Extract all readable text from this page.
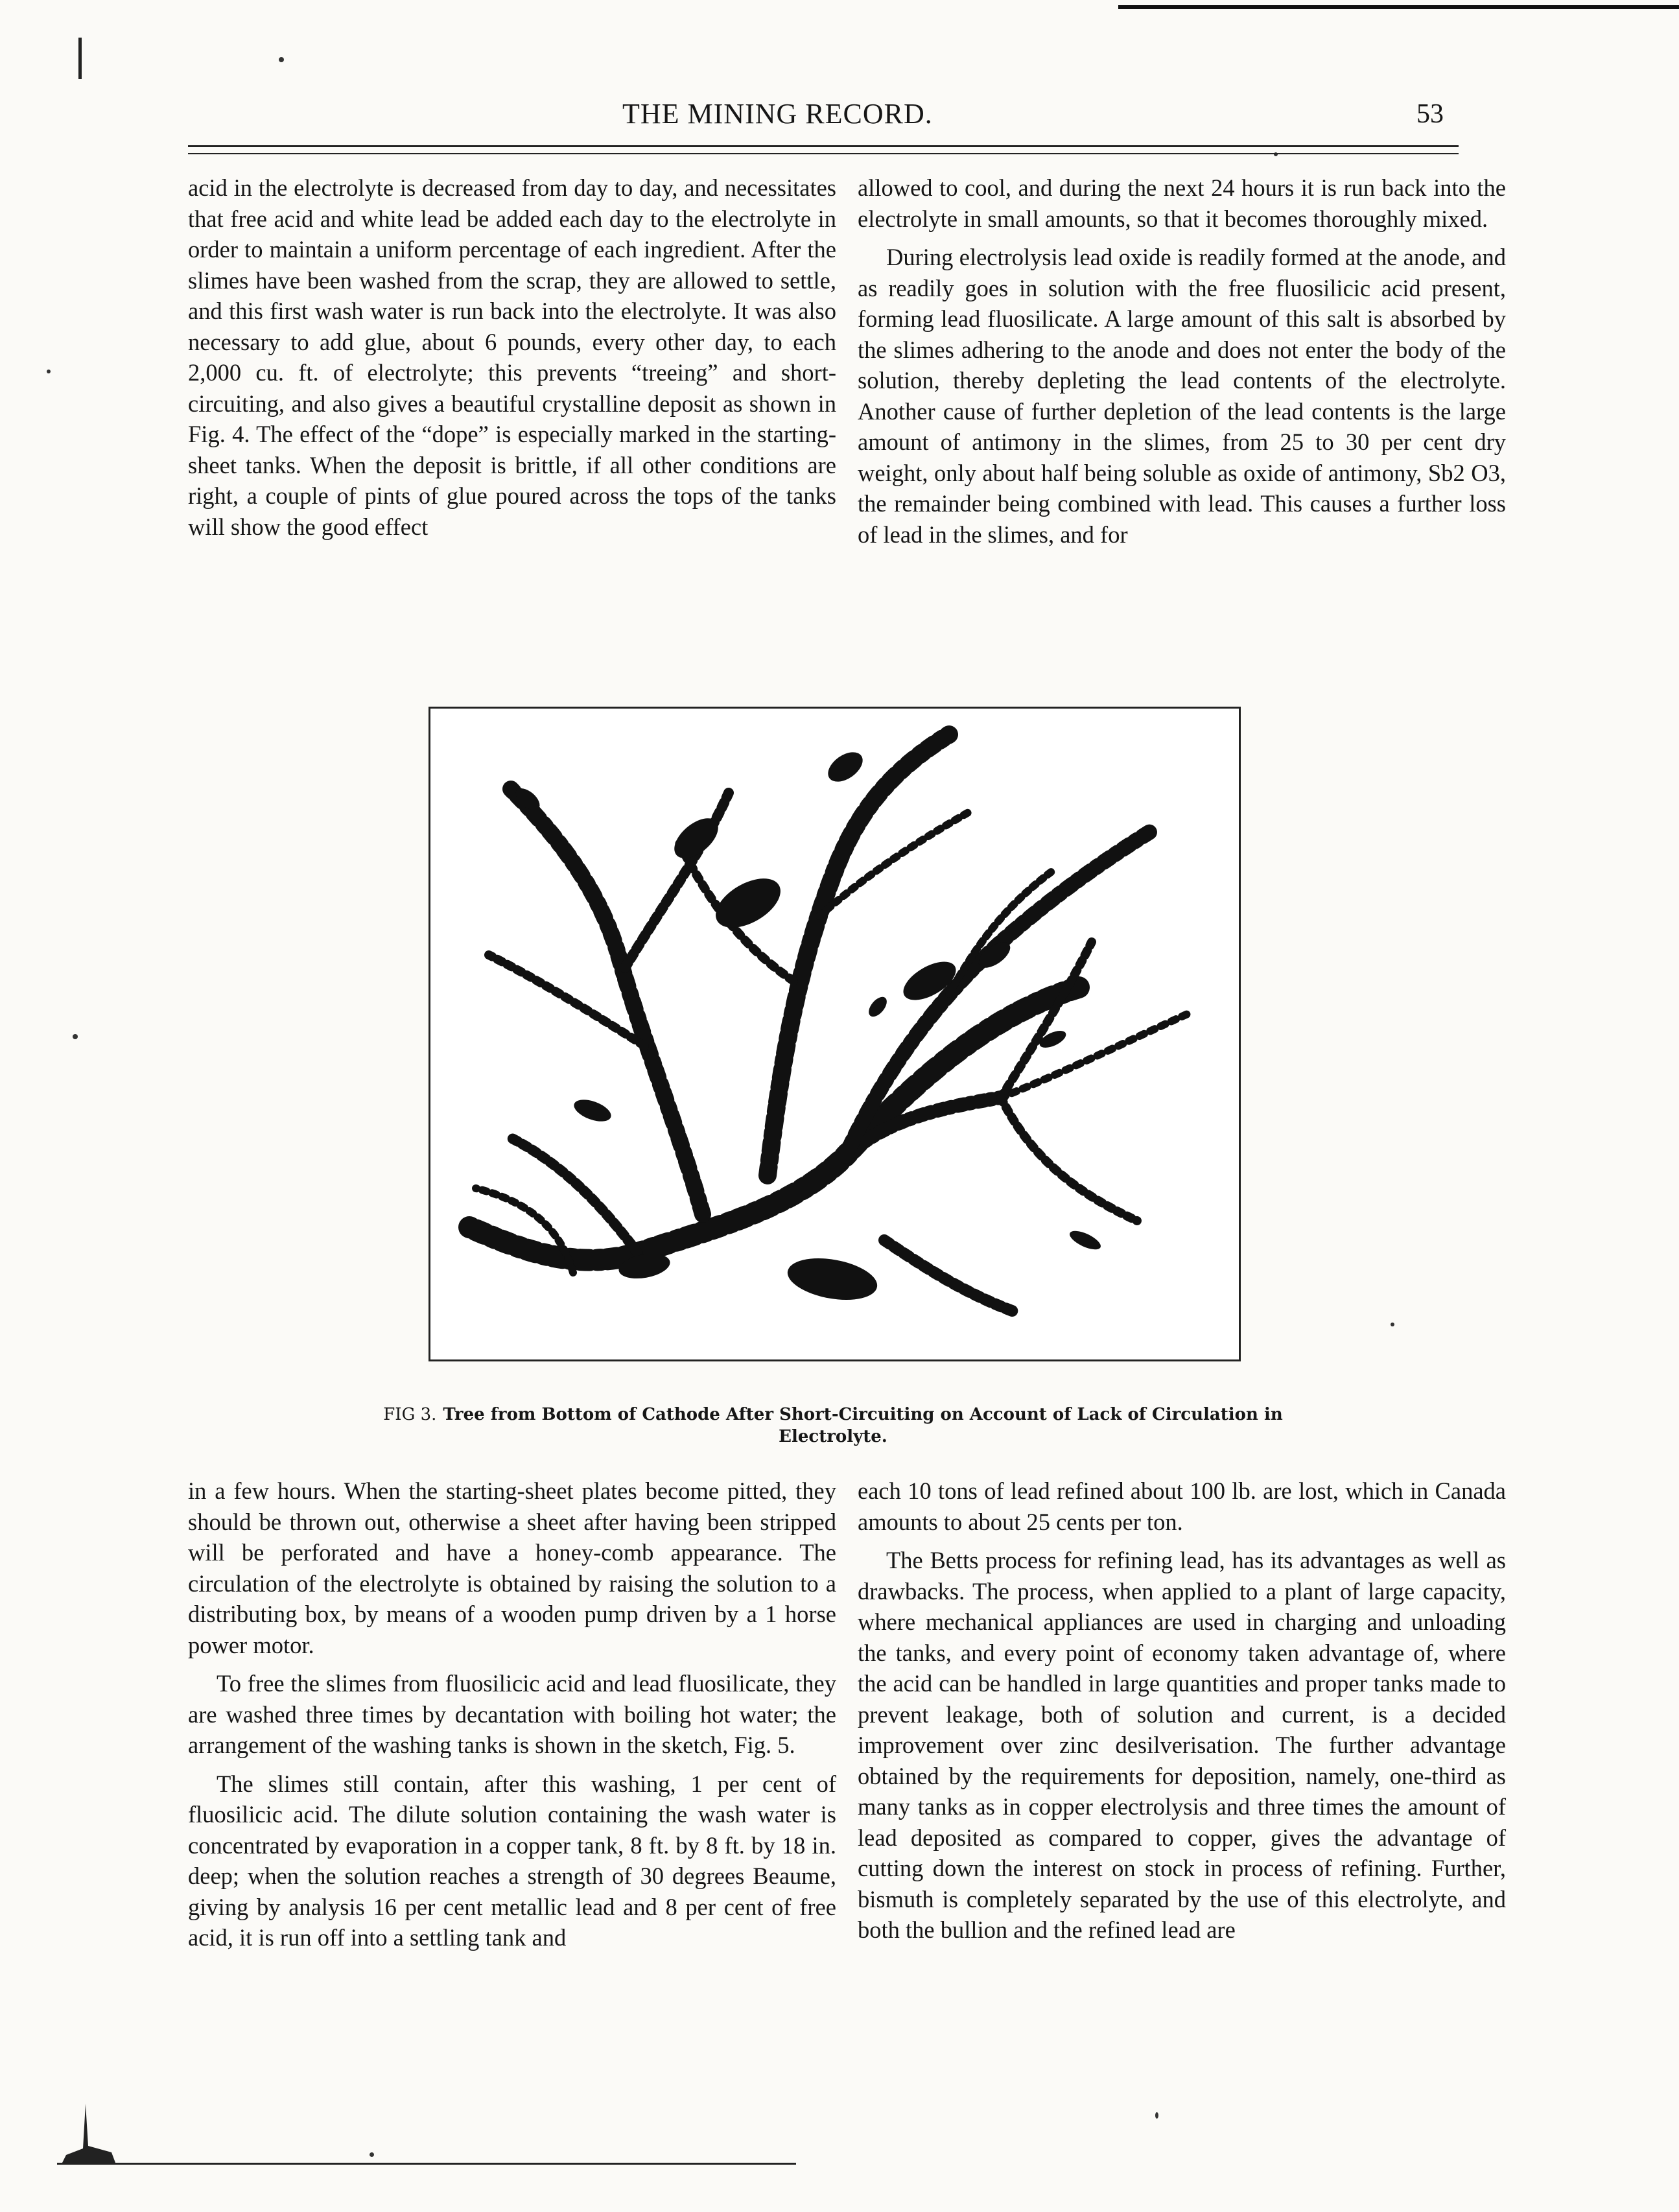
THE MINING RECORD.	53

acid in the electrolyte is decreased from day to day, and necessitates that free acid and white lead be added each day to the electrolyte in order to maintain a uniform percentage of each ingredient. After the slimes have been washed from the scrap, they are allowed to settle, and this first wash water is run back into the electrolyte. It was also necessary to add glue, about 6 pounds, every other day, to each 2,000 cu. ft. of electrolyte; this prevents “treeing” and short-circuiting, and also gives a beautiful crystalline deposit as shown in Fig. 4. The effect of the “dope” is especially marked in the starting-sheet tanks. When the deposit is brittle, if all other conditions are right, a couple of pints of glue poured across the tops of the tanks will show the good effect

allowed to cool, and during the next 24 hours it is run back into the electrolyte in small amounts, so that it becomes thoroughly mixed.

During electrolysis lead oxide is readily formed at the anode, and as readily goes in solution with the free fluosilicic acid present, forming lead fluosilicate. A large amount of this salt is absorbed by the slimes adhering to the anode and does not enter the body of the solution, thereby depleting the lead contents of the electrolyte. Another cause of further depletion of the lead contents is the large amount of antimony in the slimes, from 25 to 30 per cent dry weight, only about half being soluble as oxide of antimony, Sb2 O3, the remainder being combined with lead. This causes a further loss of lead in the slimes, and for

FIG 3. Tree from Bottom of Cathode After Short-Circuiting on Account of Lack of Circulation in Electrolyte.

in a few hours. When the starting-sheet plates become pitted, they should be thrown out, otherwise a sheet after having been stripped will be perforated and have a honey-comb appearance. The circulation of the electrolyte is obtained by raising the solution to a distributing box, by means of a wooden pump driven by a 1 horse power motor.

To free the slimes from fluosilicic acid and lead fluosilicate, they are washed three times by decantation with boiling hot water; the arrangement of the washing tanks is shown in the sketch, Fig. 5.

The slimes still contain, after this washing, 1 per cent of fluosilicic acid. The dilute solution containing the wash water is concentrated by evaporation in a copper tank, 8 ft. by 8 ft. by 18 in. deep; when the solution reaches a strength of 30 degrees Beaume, giving by analysis 16 per cent metallic lead and 8 per cent of free acid, it is run off into a settling tank and

each 10 tons of lead refined about 100 lb. are lost, which in Canada amounts to about 25 cents per ton.

The Betts process for refining lead, has its advantages as well as drawbacks. The process, when applied to a plant of large capacity, where mechanical appliances are used in charging and unloading the tanks, and every point of economy taken advantage of, where the acid can be handled in large quantities and proper tanks made to prevent leakage, both of solution and current, is a decided improvement over zinc desilverisation. The further advantage obtained by the requirements for deposition, namely, one-third as many tanks as in copper electrolysis and three times the amount of lead deposited as compared to copper, gives the advantage of cutting down the interest on stock in process of refining. Further, bismuth is completely separated by the use of this electrolyte, and both the bullion and the refined lead are
